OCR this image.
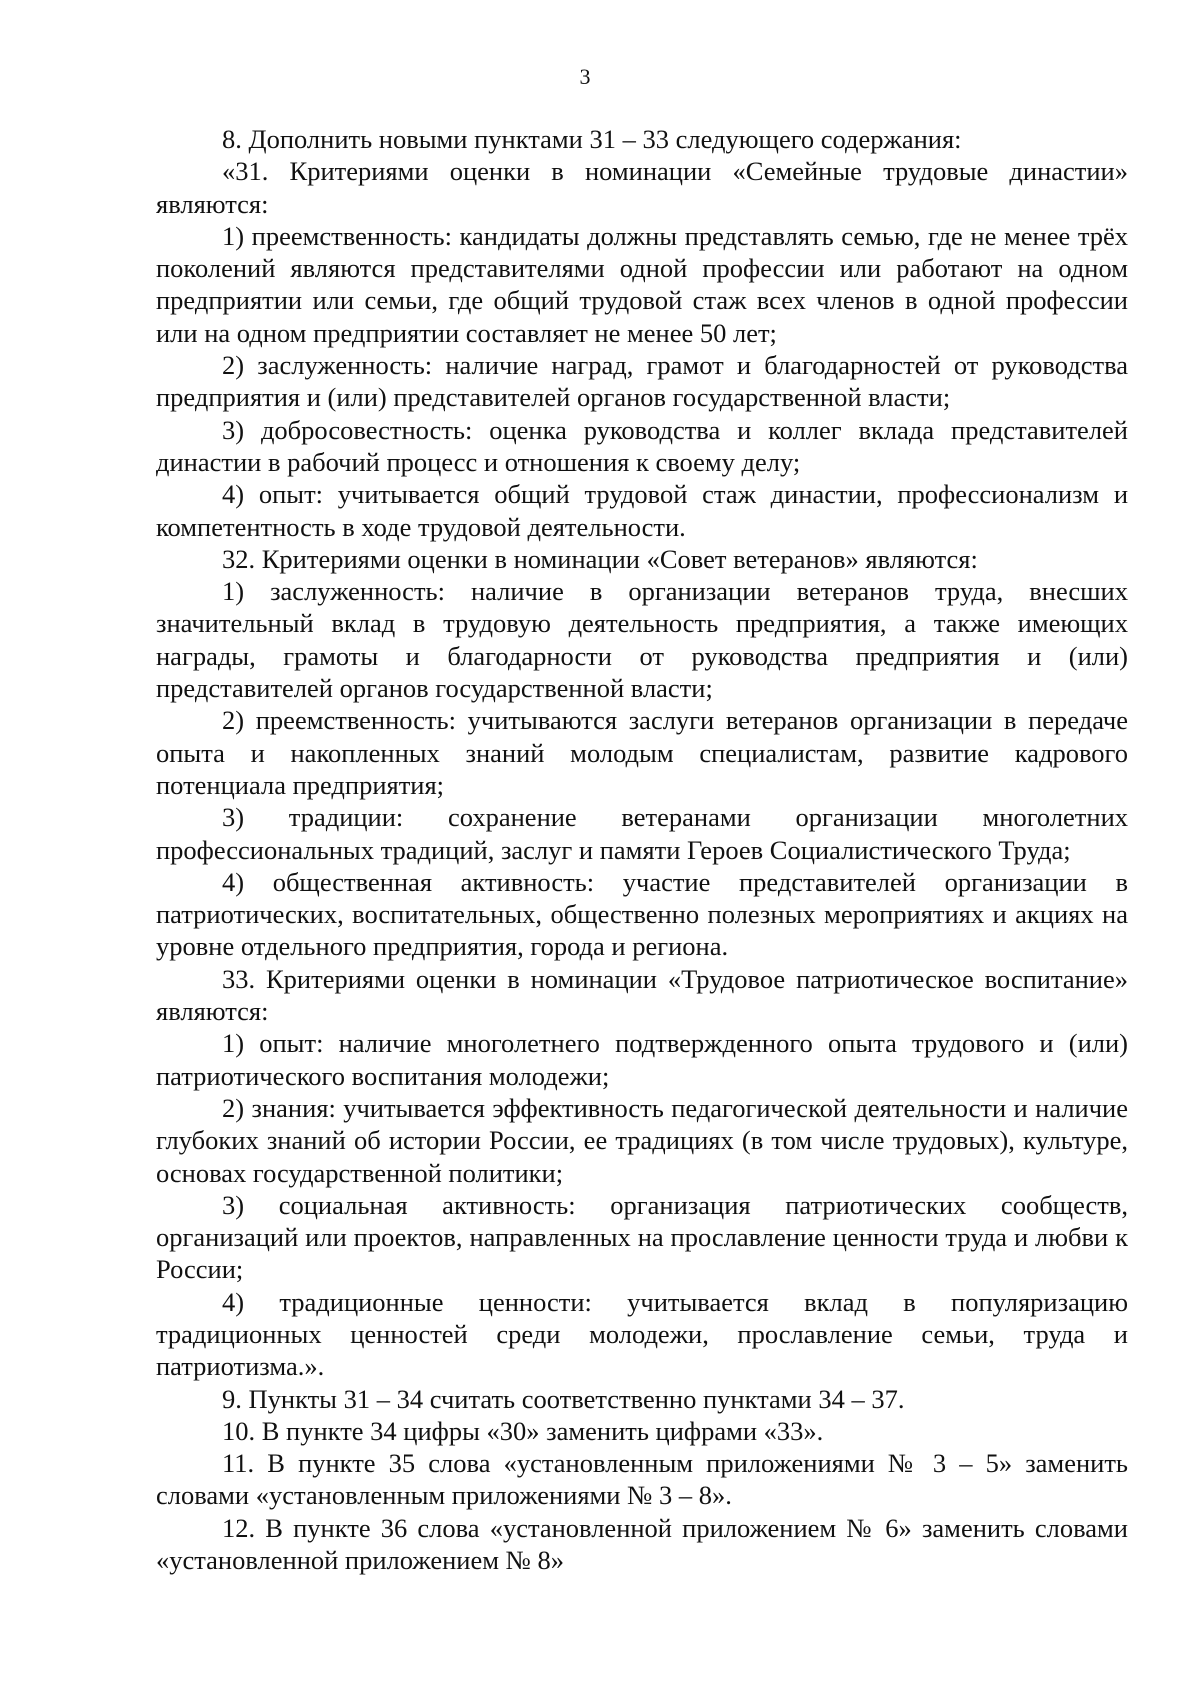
3

8. Дополнить новыми пунктами 31 – 33 следующего содержания:

«31. Критериями оценки в номинации «Семейные трудовые династии» являются:

1) преемственность: кандидаты должны представлять семью, где не менее трёх поколений являются представителями одной профессии или работают на одном предприятии или семьи, где общий трудовой стаж всех членов в одной профессии или на одном предприятии составляет не менее 50 лет;

2) заслуженность: наличие наград, грамот и благодарностей от руководства предприятия и (или) представителей органов государственной власти;

3) добросовестность: оценка руководства и коллег вклада представителей династии в рабочий процесс и отношения к своему делу;

4) опыт: учитывается общий трудовой стаж династии, профессионализм и компетентность в ходе трудовой деятельности.

32. Критериями оценки в номинации «Совет ветеранов» являются:

1) заслуженность: наличие в организации ветеранов труда, внесших значительный вклад в трудовую деятельность предприятия, а также имеющих награды, грамоты и благодарности от руководства предприятия и (или) представителей органов государственной власти;

2) преемственность: учитываются заслуги ветеранов организации в передаче опыта и накопленных знаний молодым специалистам, развитие кадрового потенциала предприятия;

3) традиции: сохранение ветеранами организации многолетних профессиональных традиций, заслуг и памяти Героев Социалистического Труда;

4) общественная активность: участие представителей организации в патриотических, воспитательных, общественно полезных мероприятиях и акциях на уровне отдельного предприятия, города и региона.

33. Критериями оценки в номинации «Трудовое патриотическое воспитание» являются:

1) опыт: наличие многолетнего подтвержденного опыта трудового и (или) патриотического воспитания молодежи;

2) знания: учитывается эффективность педагогической деятельности и наличие глубоких знаний об истории России, ее традициях (в том числе трудовых), культуре, основах государственной политики;

3) социальная активность: организация патриотических сообществ, организаций или проектов, направленных на прославление ценности труда и любви к России;

4) традиционные ценности: учитывается вклад в популяризацию традиционных ценностей среди молодежи, прославление семьи, труда и патриотизма.».

9. Пункты 31 – 34 считать соответственно пунктами 34 – 37.

10. В пункте 34 цифры «30» заменить цифрами «33».

11. В пункте 35 слова «установленным приложениями № 3 – 5» заменить словами «установленным приложениями № 3 – 8».

12. В пункте 36 слова «установленной приложением № 6» заменить словами «установленной приложением № 8»
